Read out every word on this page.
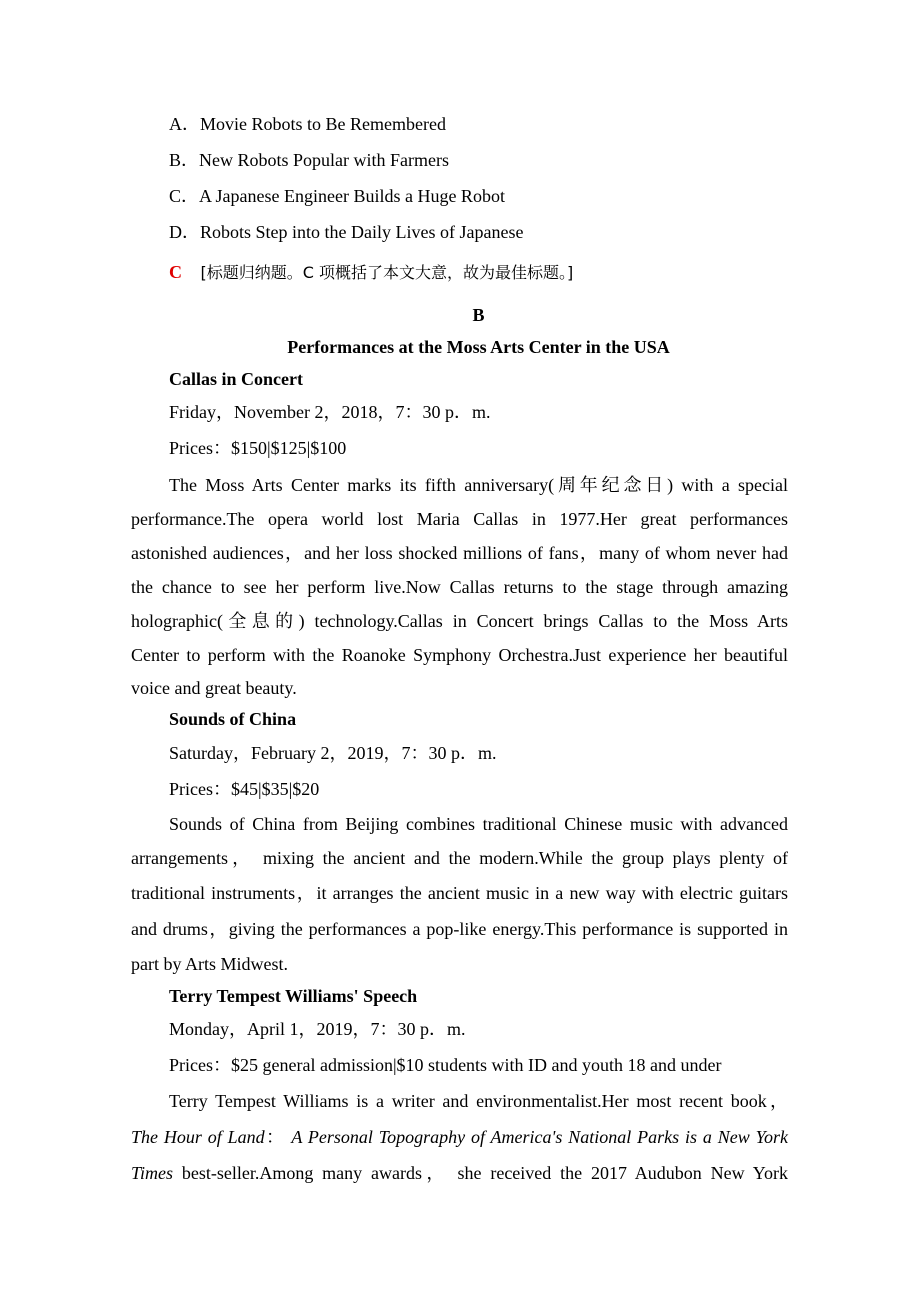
A．Movie Robots to Be Remembered
B．New Robots Popular with Farmers
C．A Japanese Engineer Builds a Huge Robot
D．Robots Step into the Daily Lives of Japanese
C [标题归纳题。C 项概括了本文大意，故为最佳标题。]
B
Performances at the Moss Arts Center in the USA
Callas in Concert
Friday，November 2，2018，7：30 p．m.
Prices：$150|$125|$100
The Moss Arts Center marks its fifth anniversary(周年纪念日) with a special
performance.The opera world lost Maria Callas in 1977.Her great performances
astonished audiences，and her loss shocked millions of fans，many of whom never had
the chance to see her perform live.Now Callas returns to the stage through amazing
holographic(全息的) technology.Callas in Concert brings Callas to the Moss Arts
Center to perform with the Roanoke Symphony Orchestra.Just experience her beautiful
voice and great beauty.
Sounds of China
Saturday，February 2，2019，7：30 p．m.
Prices：$45|$35|$20
Sounds of China from Beijing combines traditional Chinese music with advanced
arrangements， mixing the ancient and the modern.While the group plays plenty of
traditional instruments，it arranges the ancient music in a new way with electric guitars
and drums，giving the performances a pop-like energy.This performance is supported in
part by Arts Midwest.
Terry Tempest Williams' Speech
Monday，April 1，2019，7：30 p．m.
Prices：$25 general admission|$10 students with ID and youth 18 and under
Terry Tempest Williams is a writer and environmentalist.Her most recent book，
The Hour of Land： A Personal Topography of America's National Parks is a New York
Times best-seller.Among many awards， she received the 2017 Audubon New York
